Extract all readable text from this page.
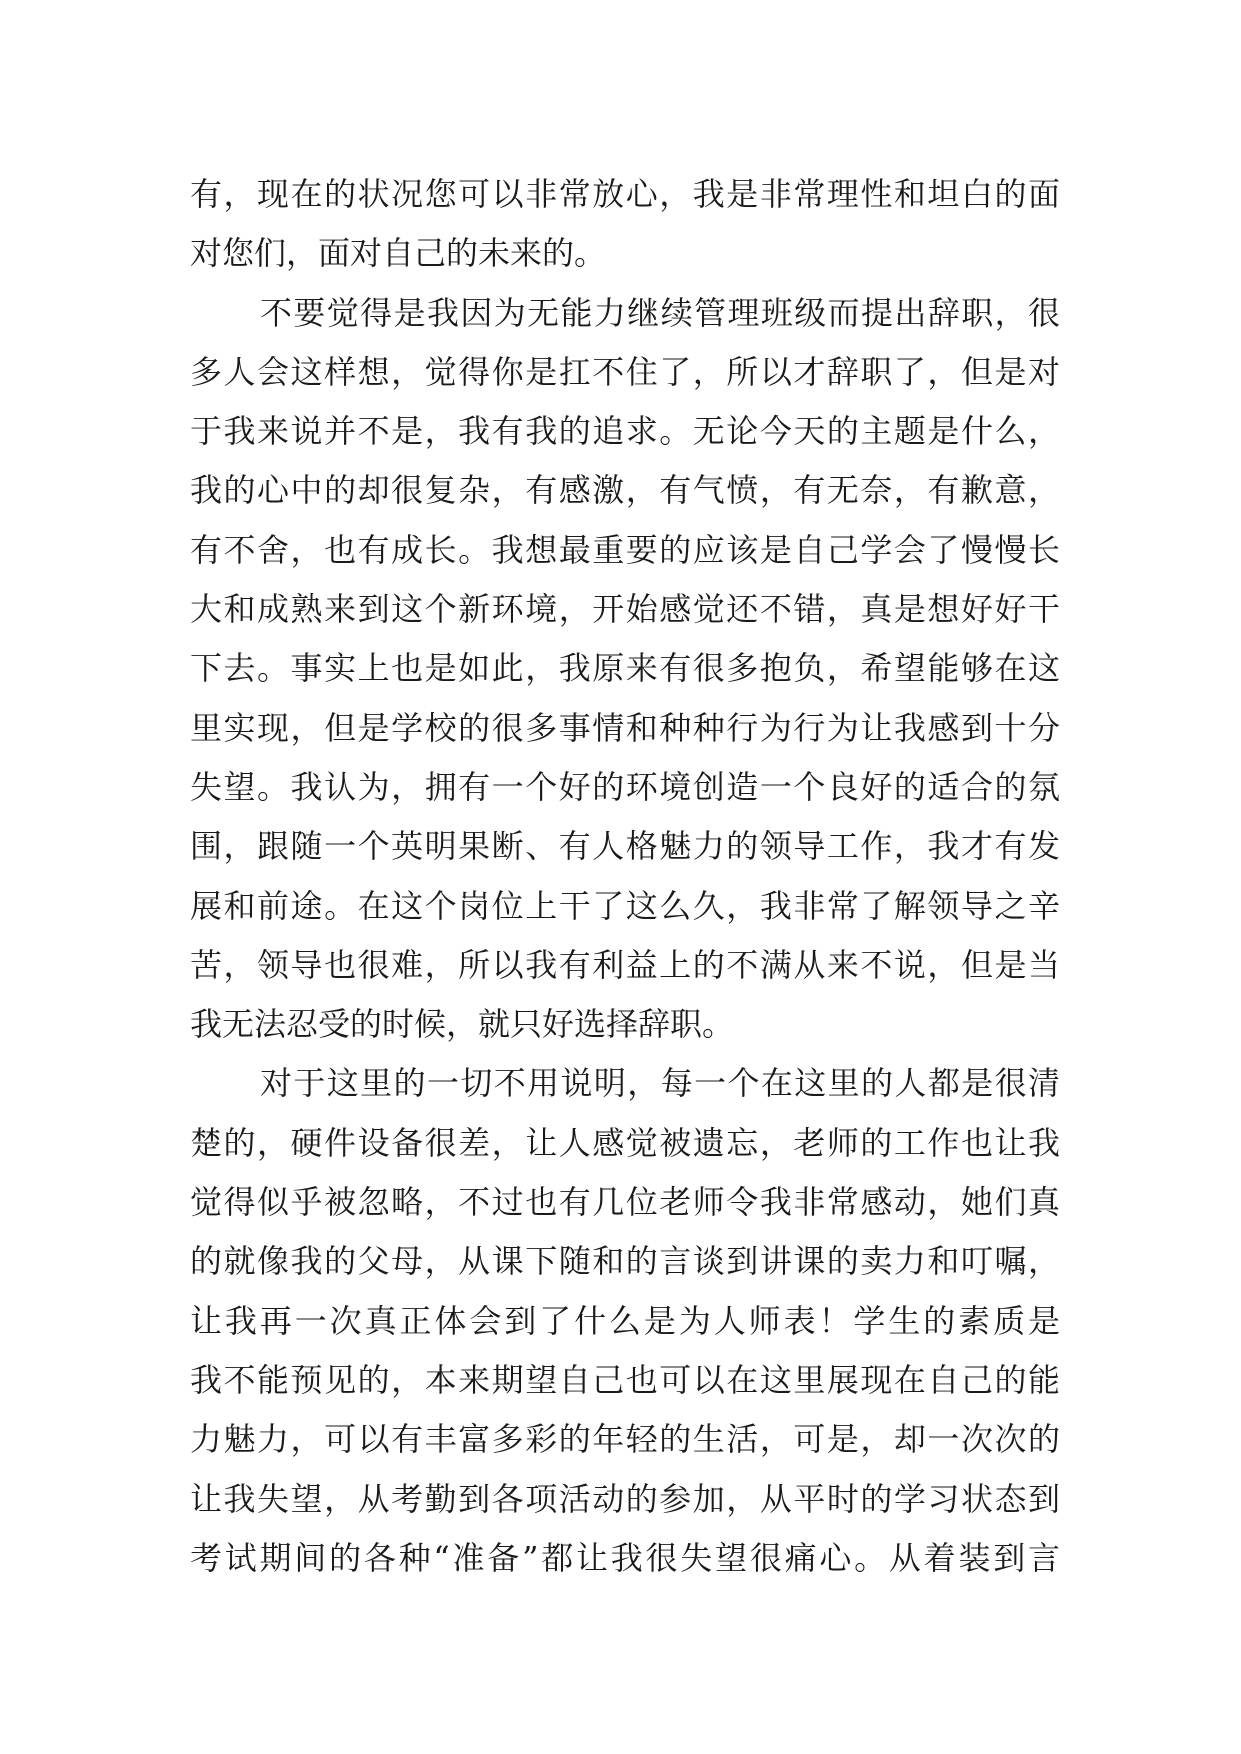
有，现在的状况您可以非常放心，我是非常理性和坦白的面
对您们，面对自己的未来的。
不要觉得是我因为无能力继续管理班级而提出辞职，很
多人会这样想，觉得你是扛不住了，所以才辞职了，但是对
于我来说并不是，我有我的追求。无论今天的主题是什么，
我的心中的却很复杂，有感激，有气愤，有无奈，有歉意，
有不舍，也有成长。我想最重要的应该是自己学会了慢慢长
大和成熟来到这个新环境，开始感觉还不错，真是想好好干
下去。事实上也是如此，我原来有很多抱负，希望能够在这
里实现，但是学校的很多事情和种种行为行为让我感到十分
失望。我认为，拥有一个好的环境创造一个良好的适合的氛
围，跟随一个英明果断、有人格魅力的领导工作，我才有发
展和前途。在这个岗位上干了这么久，我非常了解领导之辛
苦，领导也很难，所以我有利益上的不满从来不说，但是当
我无法忍受的时候，就只好选择辞职。
对于这里的一切不用说明，每一个在这里的人都是很清
楚的，硬件设备很差，让人感觉被遗忘，老师的工作也让我
觉得似乎被忽略，不过也有几位老师令我非常感动，她们真
的就像我的父母，从课下随和的言谈到讲课的卖力和叮嘱，
让我再一次真正体会到了什么是为人师表！学生的素质是
我不能预见的，本来期望自己也可以在这里展现在自己的能
力魅力，可以有丰富多彩的年轻的生活，可是，却一次次的
让我失望，从考勤到各项活动的参加，从平时的学习状态到
考试期间的各种“准备”都让我很失望很痛心。从着装到言
